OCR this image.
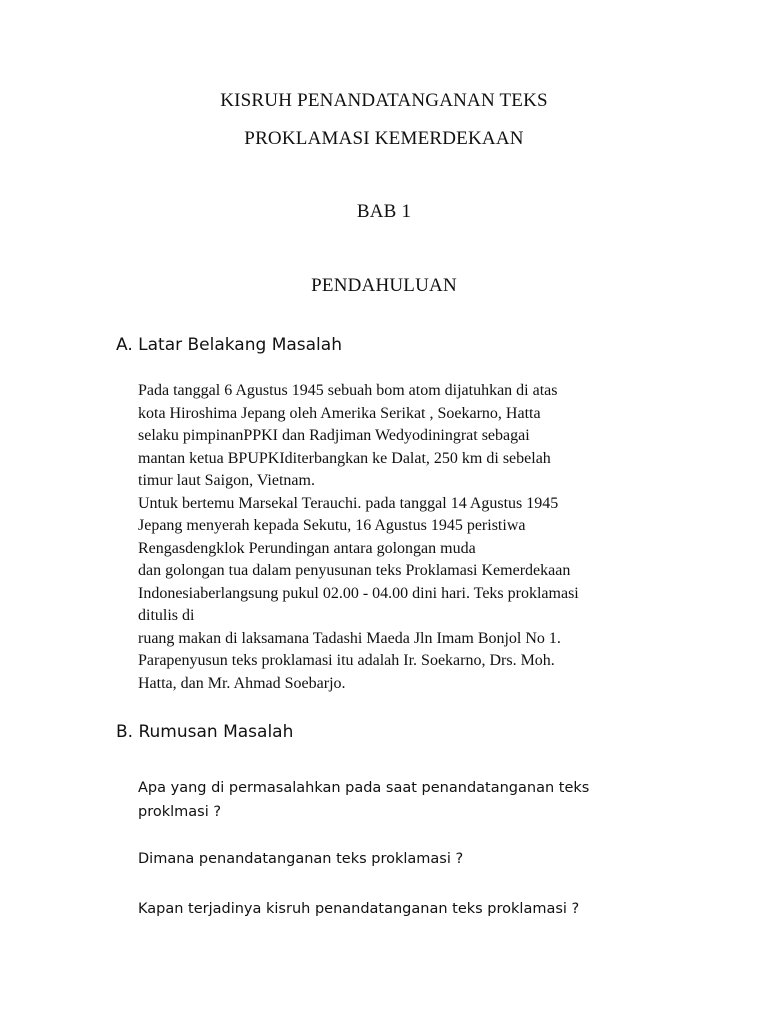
KISRUH PENANDATANGANAN TEKS
PROKLAMASI KEMERDEKAAN
BAB 1
PENDAHULUAN
A. Latar Belakang Masalah
Pada tanggal 6 Agustus 1945 sebuah bom atom dijatuhkan di atas
kota Hiroshima Jepang oleh Amerika Serikat , Soekarno, Hatta
selaku pimpinanPPKI dan Radjiman Wedyodiningrat sebagai
mantan ketua BPUPKIditerbangkan ke Dalat, 250 km di sebelah
timur laut Saigon, Vietnam.
Untuk bertemu Marsekal Terauchi. pada tanggal 14 Agustus 1945
Jepang menyerah kepada Sekutu, 16 Agustus 1945 peristiwa
Rengasdengklok Perundingan antara golongan muda
dan golongan tua dalam penyusunan teks Proklamasi Kemerdekaan
Indonesiaberlangsung pukul 02.00 - 04.00 dini hari. Teks proklamasi
ditulis di
ruang makan di laksamana Tadashi Maeda Jln Imam Bonjol No 1.
Parapenyusun teks proklamasi itu adalah Ir. Soekarno, Drs. Moh.
Hatta, dan Mr. Ahmad Soebarjo.
B. Rumusan Masalah
Apa yang di permasalahkan pada saat penandatanganan teks
proklmasi ?
Dimana penandatanganan teks proklamasi ?
Kapan terjadinya kisruh penandatanganan teks proklamasi ?
